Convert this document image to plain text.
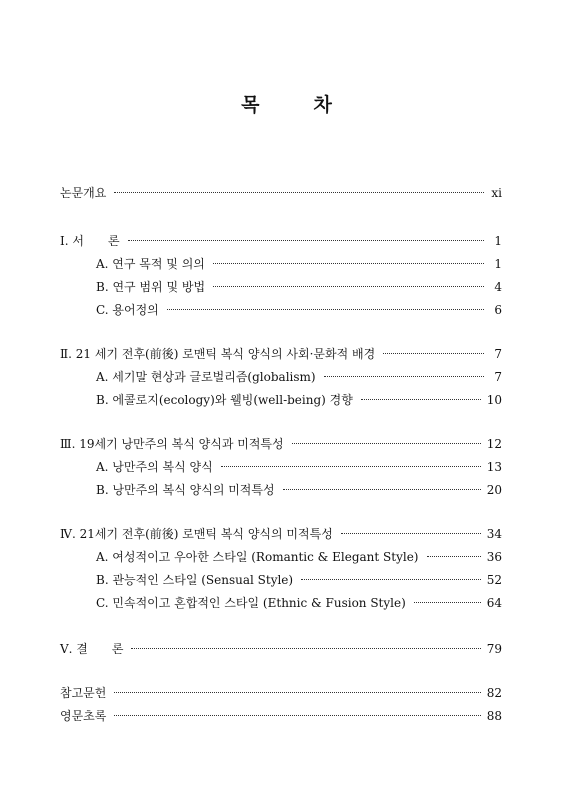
목	차
논문개요	xi
Ⅰ. 서　　론	1
A. 연구 목적 및 의의	1
B. 연구 범위 및 방법	4
C. 용어정의	6
Ⅱ. 21 세기 전후(前後) 로맨틱 복식 양식의 사회·문화적 배경	7
A. 세기말 현상과 글로벌리즘(globalism)	7
B. 에콜로지(ecology)와 웰빙(well-being) 경향	10
Ⅲ. 19세기 낭만주의 복식 양식과 미적특성	12
A. 낭만주의 복식 양식	13
B. 낭만주의 복식 양식의 미적특성	20
Ⅳ. 21세기 전후(前後) 로맨틱 복식 양식의 미적특성	34
A. 여성적이고 우아한 스타일 (Romantic & Elegant Style)	36
B. 관능적인 스타일 (Sensual Style)	52
C. 민속적이고 혼합적인 스타일 (Ethnic & Fusion Style)	64
Ⅴ. 결　　론	79
참고문헌	82
영문초록	88
